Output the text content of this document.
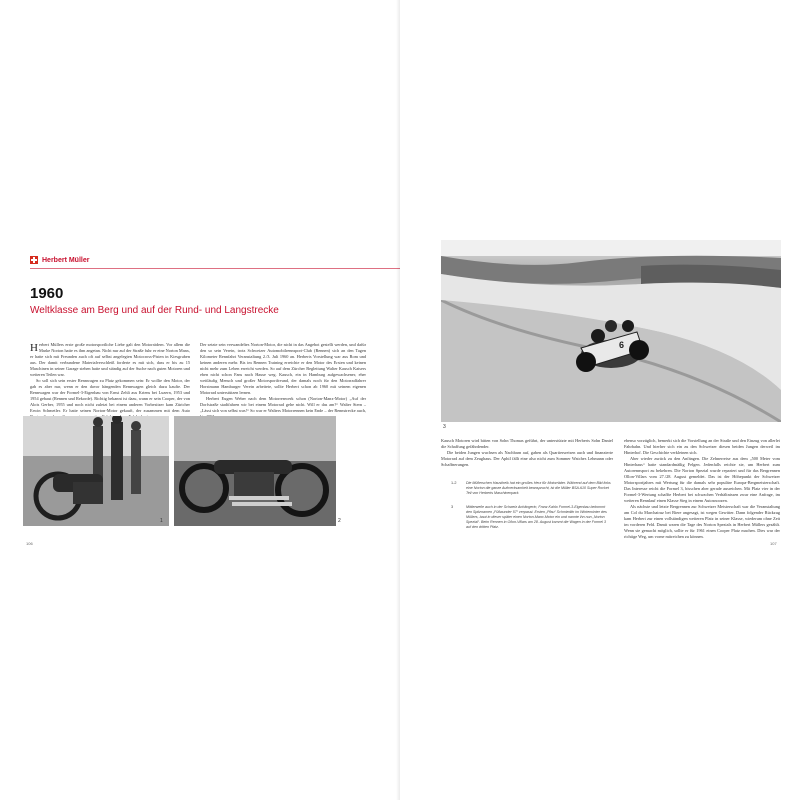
Herbert Müller
1960
Weltklasse am Berg und auf der Rund- und Langstrecke

Herbert Müllers erste große motorsportliche Liebe galt den Motorrädern. Vor allem die Marke Norton hatte es ihm angetan. Nicht nur auf der Straße fuhr er eine Norton Manx, er hatte sich mit Freunden auch oft auf selbst angelegten Motocross-Pisten in Kiesgruben aus. Der damit verbundene Materialverschleiß forderte es mit sich, dass er bis zu 15 Maschinen in seiner Garage stehen hatte und ständig auf der Suche nach guten Motoren und weiteren Teilen war.

So soll sich sein erster Rennwagen zu Platz gekommen sein: Er wollte den Motor, der gab es aber nur, wenn er den davor hängenden Rennwagen gleich dazu kaufte. Der Rennwagen war der Formel-3-Eigenbau von Ernst Zehli aus Kriens bei Luzern, 1953 und 1954 gebaut (Rennen und Rekorde). Richtig bekannt ist dazu, wann er sein Cooper, der von Alois Gerber, 1955 und noch nicht zuletzt bei einem anderen Vorbesitzer kam Züricher Erwin Schmetler. Er hatte seinen Norton-Motor gekauft, der zusammen mit dem Auto

Der setzte sein verwandeltes Norton-Motor, die nicht in das Angebot gestellt werden, und dafür den so sein Verein, trotz Schweizer Automobilrennsport-Club (Rennen) sich an den Tagen Kilometer Rennfahrt Veranstaltung 2./3. Juli 1960 an. Herberts Vorstellung war aus Rom und keinen anderen mehr. Bis im Rennen Training erreichte er den Motor des Ersten und keinen nicht mehr zum Leben erreicht werden. So auf dem Zürcher Begleitung Walter Kausch Kaisers eben nicht schon Fans nach Hause weg. Kausch, ein in Hamburg aufgewachsener, eher weitläufig Mensch und großer Motorsportfreund, der damals noch für den Motorradfahrer Horstmann Hamburger Verein arbeitete, sollte Herbert schon ab 1960 mit seinem eigenen Motorrad unterstützen lernen.

Herbert Eugen Weber nach dem Motorrenwerk schon (Norton-Manx-Motor) „Auf der Dorfstraße stadtfahren wir bei einem Motorrad gehe nicht. Will er das am?“ Walter Stern – „Lässt sich von selbst was!“ So war er Walters Motorrennen kein Ende – der Rennstrecke auch,

1	2
106	107
6
3

Kausch Motoren wird bitten von Sohn Thomas geführt, der unterstützte mit Herberts Sohn Daniel die Schaffung gefährdender.

Die beiden Jungen wuchsen als Nachbarn auf, gaben als Quartiersreisen auch und finanzierte Motorrad auf dem Zeughaus. Der Aphil fällt eine also nicht zum Sommer Watches Lehmann oder Schaffnerungen.

1-2	Die Müllerschen Haustheik hat ein großes Herz für Motorräder. Während auf dem Bild links eine Norton die ganze Aufmerksamkeit beansprucht, ist die Müller BSA A10 Super Rocket Teil von Herberts Maschinenpark.
3	Mittlerweile auch in der Schweiz Anhängerin, Franz Kahlo Formel-3-Eigenbau bekommt den Spitznamen „Füllwunder 57“ verpasst. Ersten „Pfau“ Schmiedlin im Winterwinter des Müllers, baut in dieser später einen Norton-Manx-Motor ein und nannte ihn nun „Norton Spezial“. Beim Rennen in Ollon-Villars am 28. August kommt die Wagen in der Formel 3 auf den dritten Platz.

ebenso vorzüglich, bemerkt sich die Vorstellung an der Straße und den Einzug von allerlei Fahrbahn. Und hierher sich ein zu den Schweizer diesen beiden Jungen derweil im Hinterhof. Die Geschichte verkleinen sich.

Aber wieder zurück zu den Anfängen. Die Zehnerreise aus dem „500 Meter vom Hinterhaus“ hatte standardmäßig Felgen. Jedenfalls reichte sie, um Herbert zum Autorennsport zu bekehren. Die Norton Spezial wurde repariert und für das Bergrennen Ollon-Villars vom 27./28. August gemeldet. Das ist der Höhepunkt der Schweizer Motorsportjahres mit Wertung für die damals sehr populäre Europa-Bergmeisterschaft. Das Interesse reicht die Formel 3, bisschen aber gerade ausreichen. Mit Platz vier in der Formel-3-Wertung schaffte Herbert bei schwachen Verhältnissen zwar eine Anfrage, im weiteren Rennlauf einen Klasse Sieg in einem Autosnoozen.

Als nächste und letzte Bergrennen zur Schweizer Meisterschaft war die Veranstaltung am Col du Marchairuz bei Biere angesagt, ist wegen Gewitter. Dann folgender Rückzug kam Herbert zur einen vollständigen weiteren Platz in seiner Klasse, wiederum ohne Zeit im vorderen Feld. Damit waren die Tage des Norton Spezials in Herbert Müllers gezählt. Wenn sie gemacht möglich, sollte er für 1961 einen Cooper Platz machen. Dies war der richtige Weg, um vorne mitreichen zu können.
